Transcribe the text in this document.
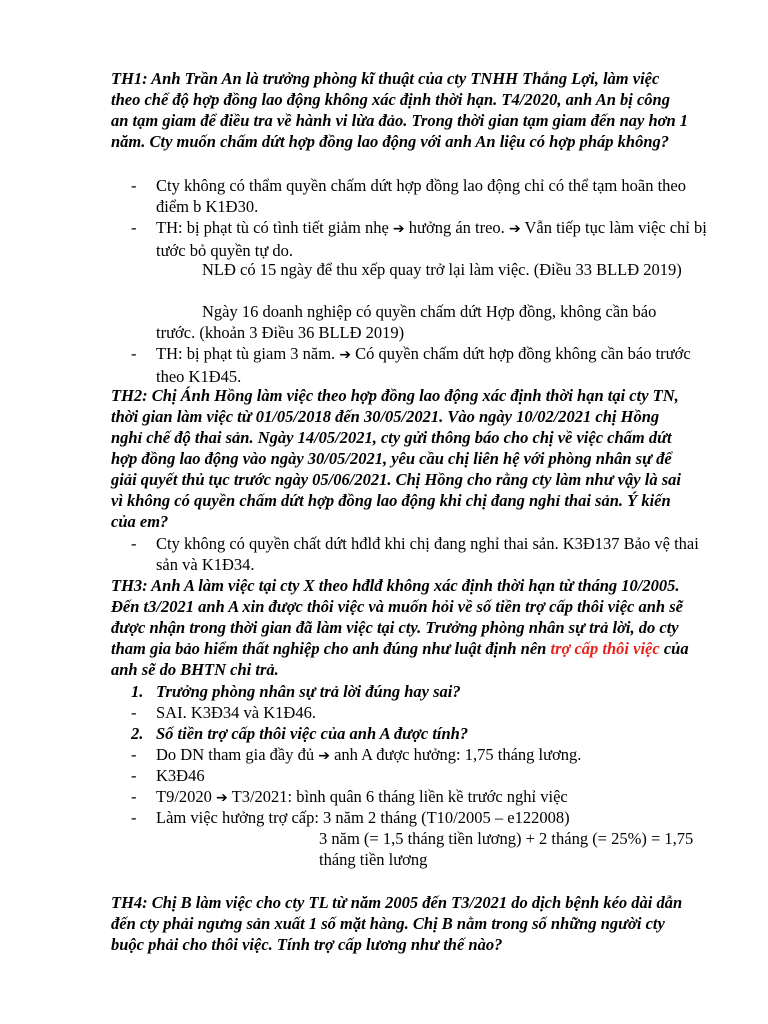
TH1: Anh Trần An là trưởng phòng kĩ thuật của cty TNHH Thắng Lợi, làm việc theo chế độ hợp đồng lao động không xác định thời hạn. T4/2020, anh An bị công an tạm giam để điều tra về hành vi lừa đảo. Trong thời gian tạm giam đến nay hơn 1 năm. Cty muốn chấm dứt hợp đồng lao động với anh An liệu có hợp pháp không?
- Cty không có thẩm quyền chấm dứt hợp đồng lao động chỉ có thể tạm hoãn theo điểm b K1Đ30.
- TH: bị phạt tù có tình tiết giảm nhẹ ➔ hưởng án treo. ➔ Vẫn tiếp tục làm việc chỉ bị tước bỏ quyền tự do.
NLĐ có 15 ngày để thu xếp quay trở lại làm việc. (Điều 33 BLLĐ 2019)
Ngày 16 doanh nghiệp có quyền chấm dứt Hợp đồng, không cần báo trước. (khoản 3 Điều 36 BLLĐ 2019)
- TH: bị phạt tù giam 3 năm. ➔ Có quyền chấm dứt hợp đồng không cần báo trước theo K1Đ45.
TH2: Chị Ánh Hồng làm việc theo hợp đồng lao động xác định thời hạn tại cty TN, thời gian làm việc từ 01/05/2018 đến 30/05/2021. Vào ngày 10/02/2021 chị Hồng nghỉ chế độ thai sản. Ngày 14/05/2021, cty gửi thông báo cho chị về việc chấm dứt hợp đồng lao động vào ngày 30/05/2021, yêu cầu chị liên hệ với phòng nhân sự để giải quyết thủ tục trước ngày 05/06/2021. Chị Hồng cho rằng cty làm như vậy là sai vì không có quyền chấm dứt hợp đồng lao động khi chị đang nghỉ thai sản. Ý kiến của em?
- Cty không có quyền chất dứt hđlđ khi chị đang nghỉ thai sản. K3Đ137 Bảo vệ thai sản và K1Đ34.
TH3: Anh A làm việc tại cty X theo hđlđ không xác định thời hạn từ tháng 10/2005. Đến t3/2021 anh A xin được thôi việc và muốn hỏi về số tiền trợ cấp thôi việc anh sẽ được nhận trong thời gian đã làm việc tại cty. Trưởng phòng nhân sự trả lời, do cty tham gia bảo hiểm thất nghiệp cho anh đúng như luật định nên trợ cấp thôi việc của anh sẽ do BHTN chi trả.
1. Trưởng phòng nhân sự trả lời đúng hay sai?
- SAI. K3Đ34 và K1Đ46.
2. Số tiền trợ cấp thôi việc của anh A được tính?
- Do DN tham gia đầy đủ ➔ anh A được hưởng: 1,75 tháng lương.
- K3Đ46
- T9/2020 ➔ T3/2021: bình quân 6 tháng liền kề trước nghỉ việc
- Làm việc hưởng trợ cấp: 3 năm 2 tháng (T10/2005 – e122008)
3 năm (= 1,5 tháng tiền lương) + 2 tháng (= 25%) = 1,75 tháng tiền lương
TH4: Chị B làm việc cho cty TL từ năm 2005 đến T3/2021 do dịch bệnh kéo dài dẫn đến cty phải ngưng sản xuất 1 số mặt hàng. Chị B nằm trong số những người cty buộc phải cho thôi việc. Tính trợ cấp lương như thế nào?
